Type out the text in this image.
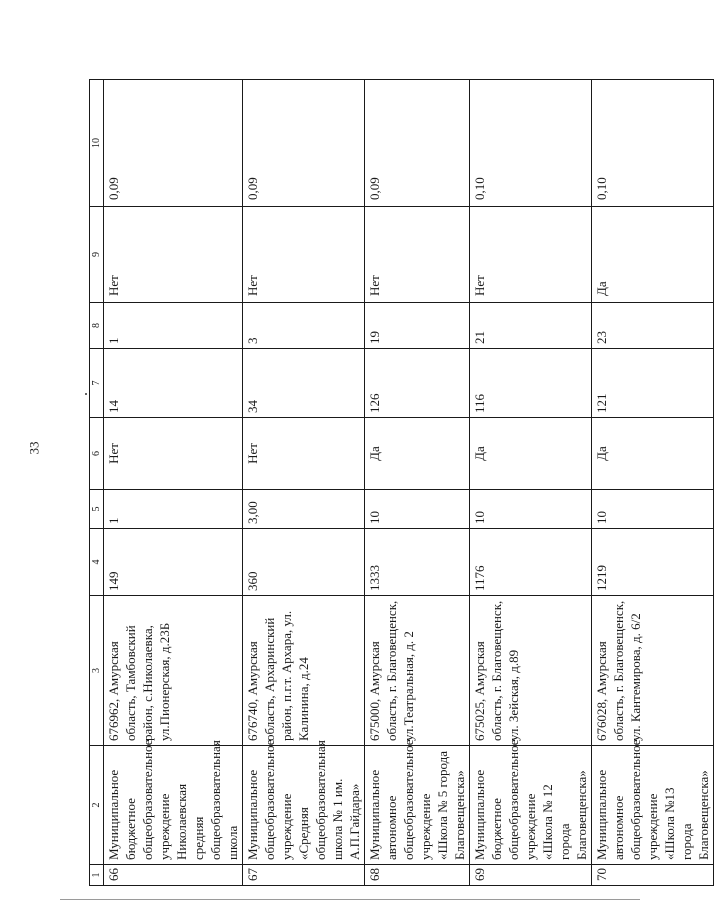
33
1	2	3	4	5	6	7	8	9	10
66	Муниципальное бюджетное общеобразовательное учреждение Николаевская средняя общеобразовательная школа	676962, Амурская область, Тамбовский район, с.Николаевка, ул.Пионерская, д.23Б	149	1	Нет	14	1	Нет	0,09
67	Муниципальное общеобразовательное учреждение «Средняя общеобразовательная школа № 1 им. А.П.Гайдара»	676740, Амурская область, Архаринский район, п.г.т. Архара, ул. Калинина, д.24	360	3,00	Нет	34	3	Нет	0,09
68	Муниципальное автономное общеобразовательное учреждение «Школа № 5 города Благовещенска»	675000, Амурская область, г. Благовещенск, ул.Театральная, д. 2	1333	10	Да	126	19	Нет	0,09
69	Муниципальное бюджетное общеобразовательное учреждение «Школа № 12 города Благовещенска»	675025, Амурская область, г. Благовещенск, ул. Зейская, д.89	1176	10	Да	116	21	Нет	0,10
70	Муниципальное автономное общеобразовательное учреждение «Школа №13 города Благовещенска»	676028, Амурская область, г. Благовещенск, ул. Кантемирова, д. 6/2	1219	10	Да	121	23	Да	0,10
